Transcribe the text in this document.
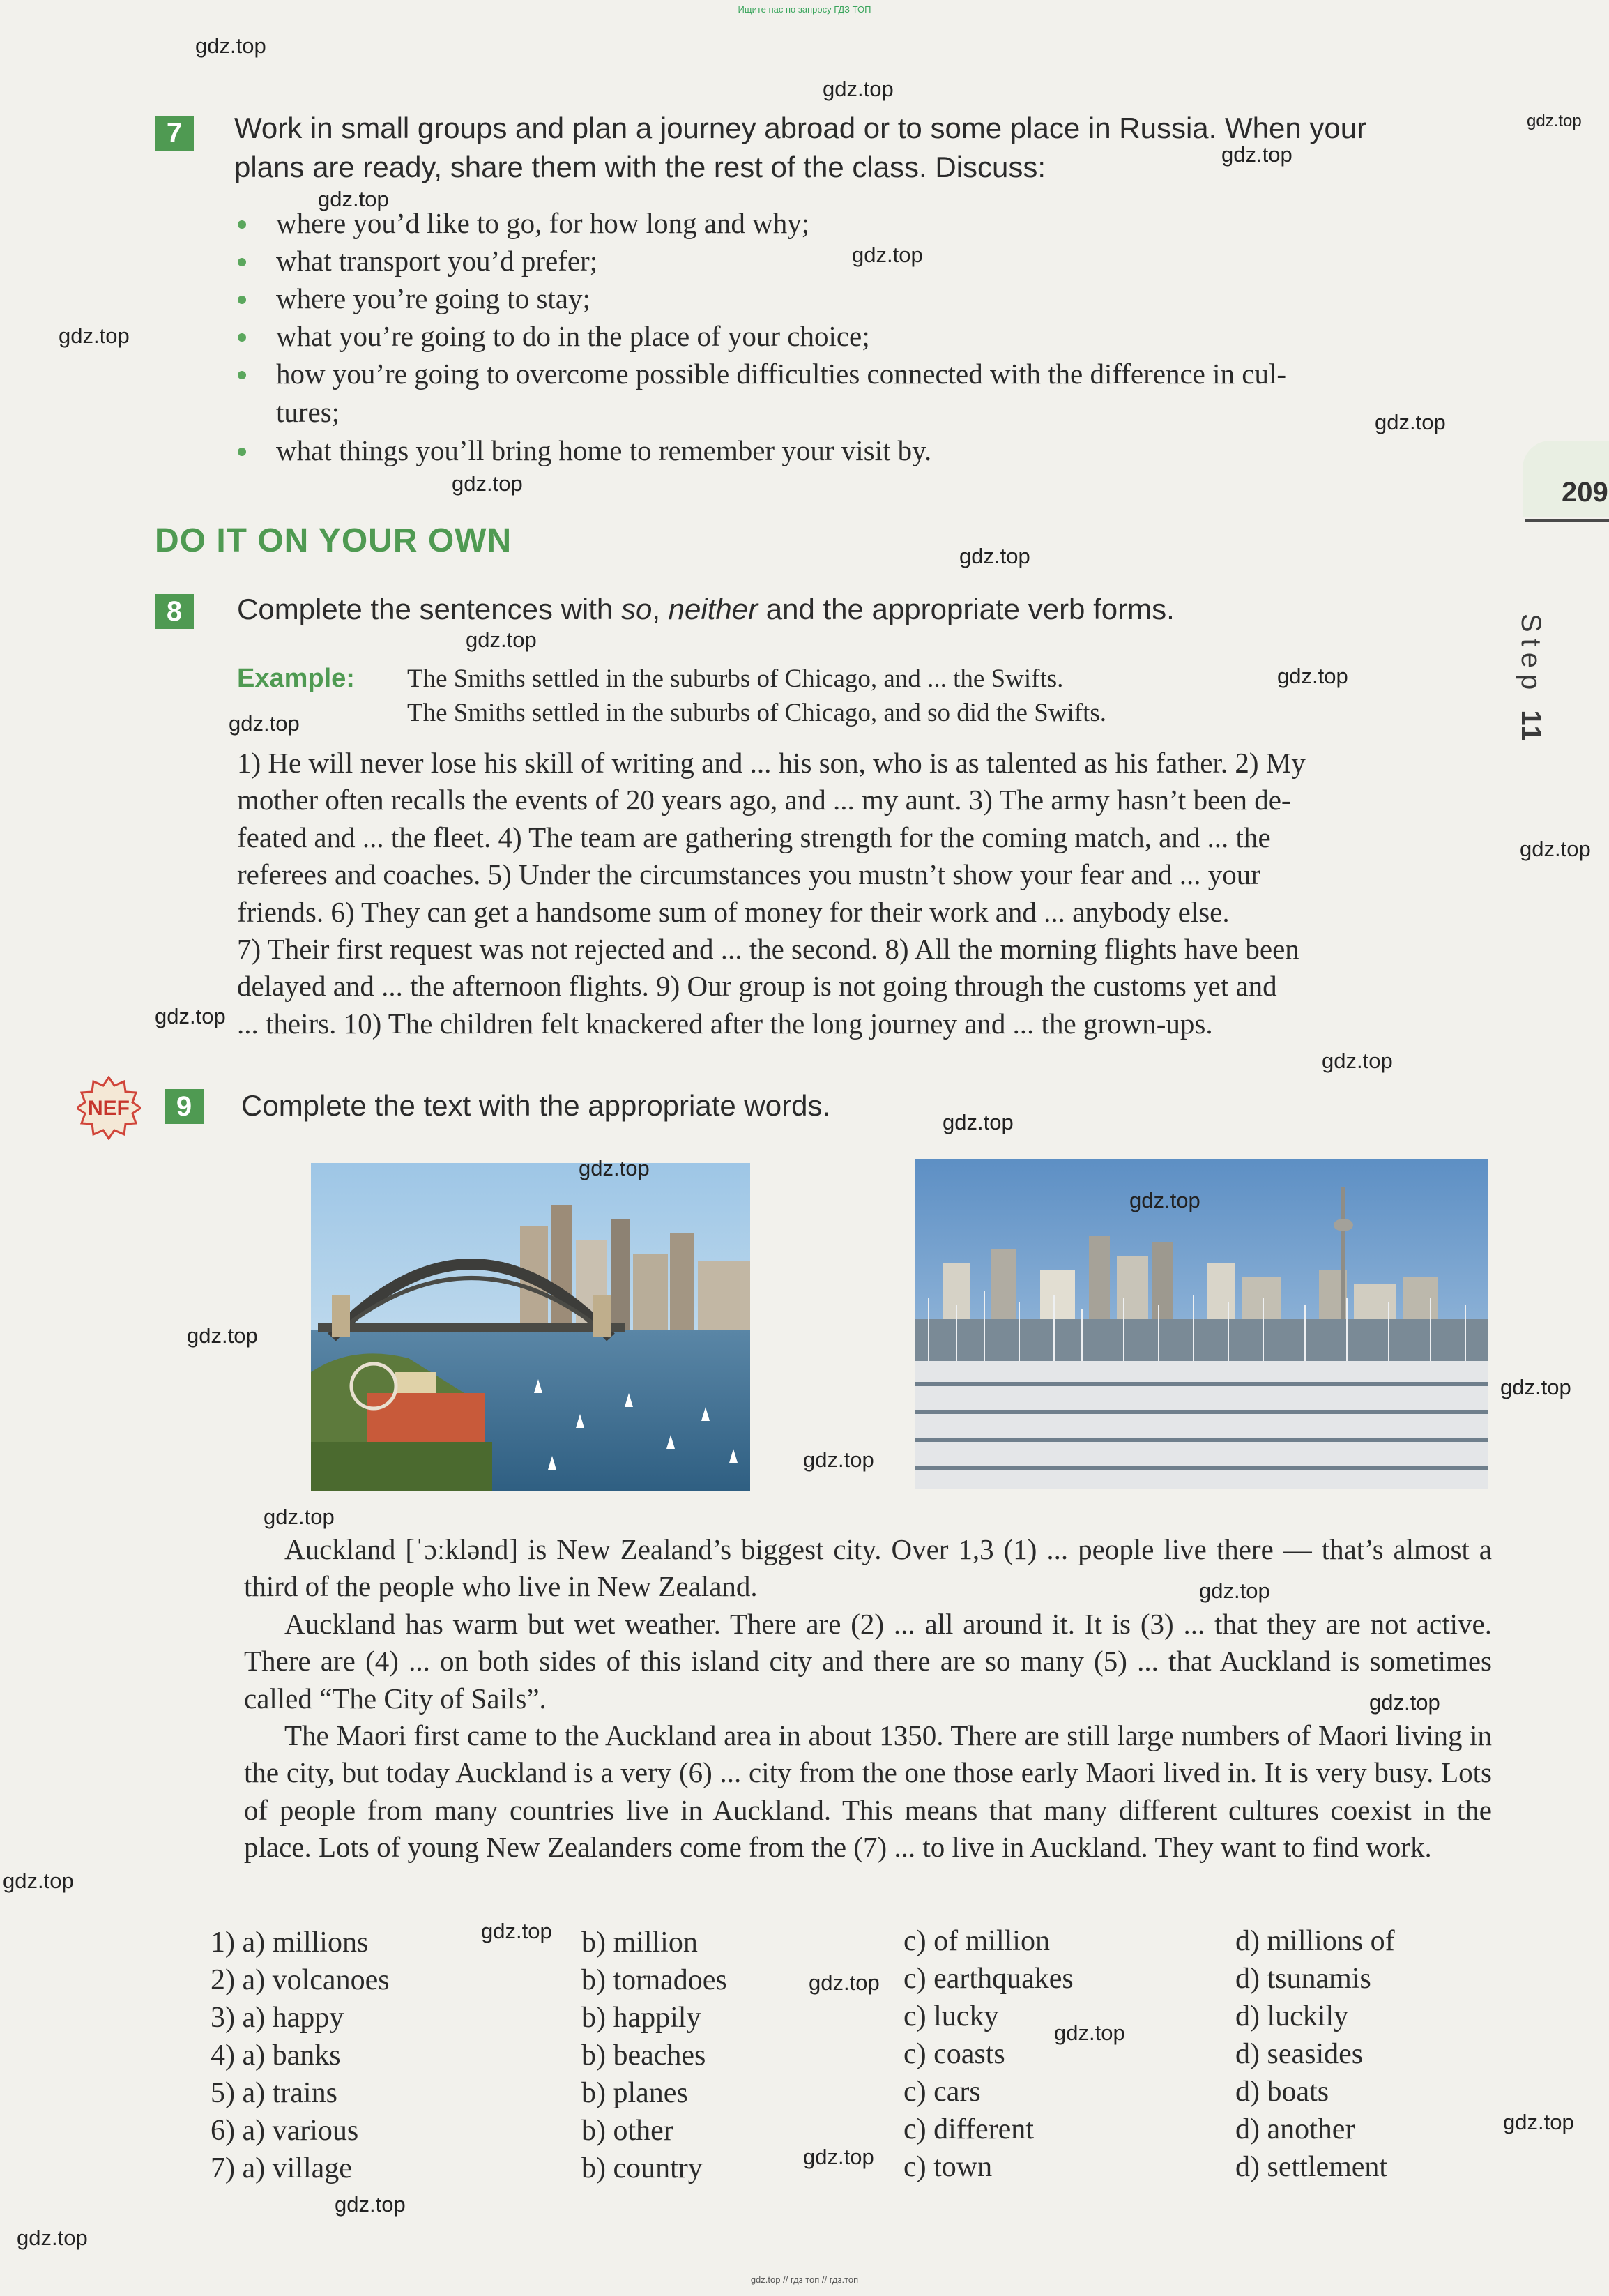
Ищите нас по запросу ГДЗ ТОП
209
Step 11
7	Work in small groups and plan a journey abroad or to some place in Russia. When your
plans are ready, share them with the rest of the class. Discuss:
where you’d like to go, for how long and why;
what transport you’d prefer;
where you’re going to stay;
what you’re going to do in the place of your choice;
how you’re going to overcome possible difficulties connected with the difference in cul-
tures;
what things you’ll bring home to remember your visit by.
DO IT ON YOUR OWN
8	Complete the sentences with so, neither and the appropriate verb forms.
Example: The Smiths settled in the suburbs of Chicago, and ... the Swifts.
The Smiths settled in the suburbs of Chicago, and so did the Swifts.

1) He will never lose his skill of writing and ... his son, who is as talented as his father. 2) My

mother often recalls the events of 20 years ago, and ... my aunt. 3) The army hasn’t been de-

feated and ... the fleet. 4) The team are gathering strength for the coming match, and ... the

referees and coaches. 5) Under the circumstances you mustn’t show your fear and ... your

friends. 6) They can get a handsome sum of money for their work and ... anybody else.

7) Their first request was not rejected and ... the second. 8) All the morning flights have been

delayed and ... the afternoon flights. 9) Our group is not going through the customs yet and

... theirs. 10) The children felt knackered after the long journey and ... the grown-ups.

NEF	9	Complete the text with the appropriate words.

Auckland [ˈɔːklənd] is New Zealand’s biggest city. Over 1,3 (1) ... people live there — that’s almost a third of the people who live in New Zealand.

Auckland has warm but wet weather. There are (2) ... all around it. It is (3) ... that they are not active. There are (4) ... on both sides of this island city and there are so many (5) ... that Auckland is sometimes called “The City of Sails”.

The Maori first came to the Auckland area in about 1350. There are still large numbers of Maori living in the city, but today Auckland is a very (6) ... city from the one those early Maori lived in. It is very busy. Lots of people from many countries live in Auckland. This means that many different cultures coexist in the place. Lots of young New Zealanders come from the (7) ... to live in Auckland. They want to find work.

1) a) millions	b) million	c) of million	d) millions of
2) a) volcanoes	b) tornadoes	c) earthquakes	d) tsunamis
3) a) happy	b) happily	c) lucky	d) luckily
4) a) banks	b) beaches	c) coasts	d) seasides
5) a) trains	b) planes	c) cars	d) boats
6) a) various	b) other	c) different	d) another
7) a) village	b) country	c) town	d) settlement
gdz.top
gdz.top
gdz.top
gdz.top
gdz.top
gdz.top
gdz.top
gdz.top
gdz.top
gdz.top
gdz.top
gdz.top
gdz.top
gdz.top
gdz.top
gdz.top
gdz.top
gdz.top
gdz.top
gdz.top
gdz.top
gdz.top
gdz.top
gdz.top
gdz.top
gdz.top
gdz.top
gdz.top
gdz.top
gdz.top
gdz.top
gdz.top
gdz.top
gdz.top // гдз топ // гдз.топ
